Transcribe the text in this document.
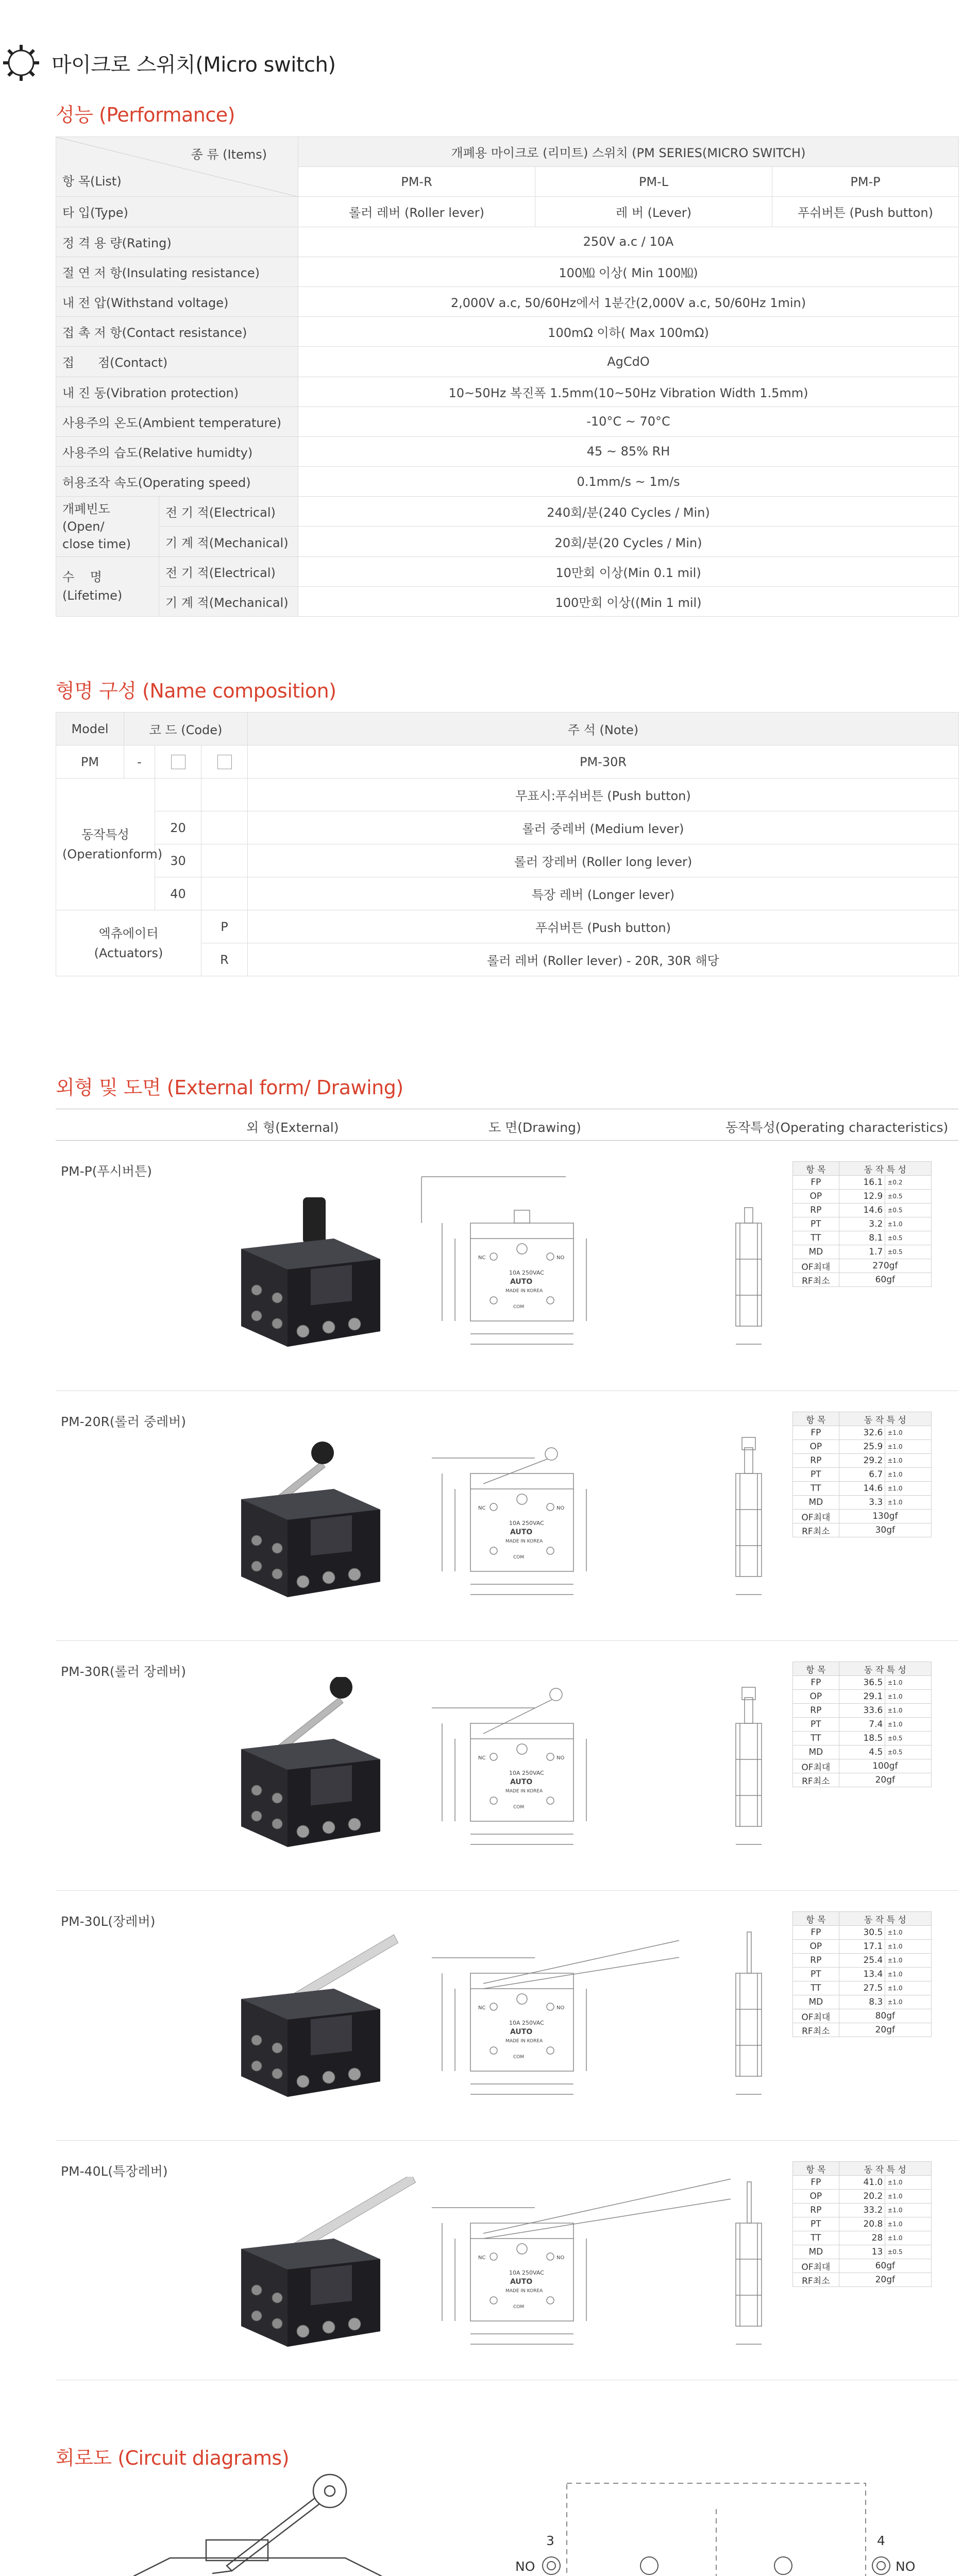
마이크로 스위치(Micro switch)
성능 (Performance)
종 류 (Items)
항 목(List)		개폐용 마이크로 (리미트) 스위치 (PM SERIES(MICRO SWITCH)		
		PM-R	PM-L	PM-P
타 입(Type)		롤러 레버 (Roller lever)	레 버 (Lever)	푸쉬버튼 (Push button)
정 격 용 량(Rating)		250V a.c / 10A		
절 연 저 항(Insulating resistance)		100㏁ 이상( Min 100㏁)		
내 전 압(Withstand voltage)		2,000V a.c, 50/60Hz에서 1분간(2,000V a.c, 50/60Hz 1min)		
접 촉 저 항(Contact resistance)		100mΩ 이하( Max 100mΩ)		
접      점(Contact)		AgCdO		
내 진 동(Vibration protection)		10~50Hz 복진폭 1.5mm(10~50Hz Vibration Width 1.5mm)		
사용주의 온도(Ambient temperature)		-10°C ~ 70°C		
사용주의 습도(Relative humidty)		45 ~ 85% RH		
허용조작 속도(Operating speed)		0.1mm/s ~ 1m/s		

개폐빈도
(Open/
close time)	전 기 적(Electrical)	240회/분(240 Cycles / Min)		
	기 계 적(Mechanical)	20회/분(20 Cycles / Min)		

수    명
(Lifetime)	전 기 적(Electrical)	10만회 이상(Min 0.1 mil)		
	기 계 적(Mechanical)	100만회 이상((Min 1 mil)		
형명 구성 (Name composition)
Model	코 드 (Code)			주 석 (Note)
PM	-			PM-30R

동작특성
(Operationform)				무표시:푸쉬버튼 (Push button)
		20		롤러 중레버 (Medium lever)
		30		롤러 장레버 (Roller long lever)
		40		특장 레버 (Longer lever)

엑츄에이터
(Actuators)			P	푸쉬버튼 (Push button)
			R	롤러 레버 (Roller lever) - 20R, 30R 해당
외형 및 도면 (External form/ Drawing)
외 형(External)	도 면(Drawing)	동작특성(Operating characteristics)
PM-P(푸시버튼)
10A 250VAC
AUTO
MADE IN KOREA
NC	NO
COM
항 목	동 작 특 성	
FP	16.1	±0.2
OP	12.9	±0.5
RP	14.6	±0.5
PT	3.2	±1.0
TT	8.1	±0.5
MD	1.7	±0.5
OF최대	270gf	
RF최소	60gf	
PM-20R(롤러 중레버)
10A 250VAC
AUTO
MADE IN KOREA
NC	NO
COM
항 목	동 작 특 성	
FP	32.6	±1.0
OP	25.9	±1.0
RP	29.2	±1.0
PT	6.7	±1.0
TT	14.6	±1.0
MD	3.3	±1.0
OF최대	130gf	
RF최소	30gf	
PM-30R(롤러 장레버)
10A 250VAC
AUTO
MADE IN KOREA
NC	NO
COM
항 목	동 작 특 성	
FP	36.5	±1.0
OP	29.1	±1.0
RP	33.6	±1.0
PT	7.4	±1.0
TT	18.5	±0.5
MD	4.5	±0.5
OF최대	100gf	
RF최소	20gf	
PM-30L(장레버)
10A 250VAC
AUTO
MADE IN KOREA
NC	NO
COM
항 목	동 작 특 성	
FP	30.5	±1.0
OP	17.1	±1.0
RP	25.4	±1.0
PT	13.4	±1.0
TT	27.5	±1.0
MD	8.3	±1.0
OF최대	80gf	
RF최소	20gf	
PM-40L(특장레버)
10A 250VAC
AUTO
MADE IN KOREA
NC	NO
COM
항 목	동 작 특 성	
FP	41.0	±1.0
OP	20.2	±1.0
RP	33.2	±1.0
PT	20.8	±1.0
TT	28	±1.0
MD	13	±0.5
OF최대	60gf	
RF최소	20gf	
회로도 (Circuit diagrams)
3
NO
4
NO
